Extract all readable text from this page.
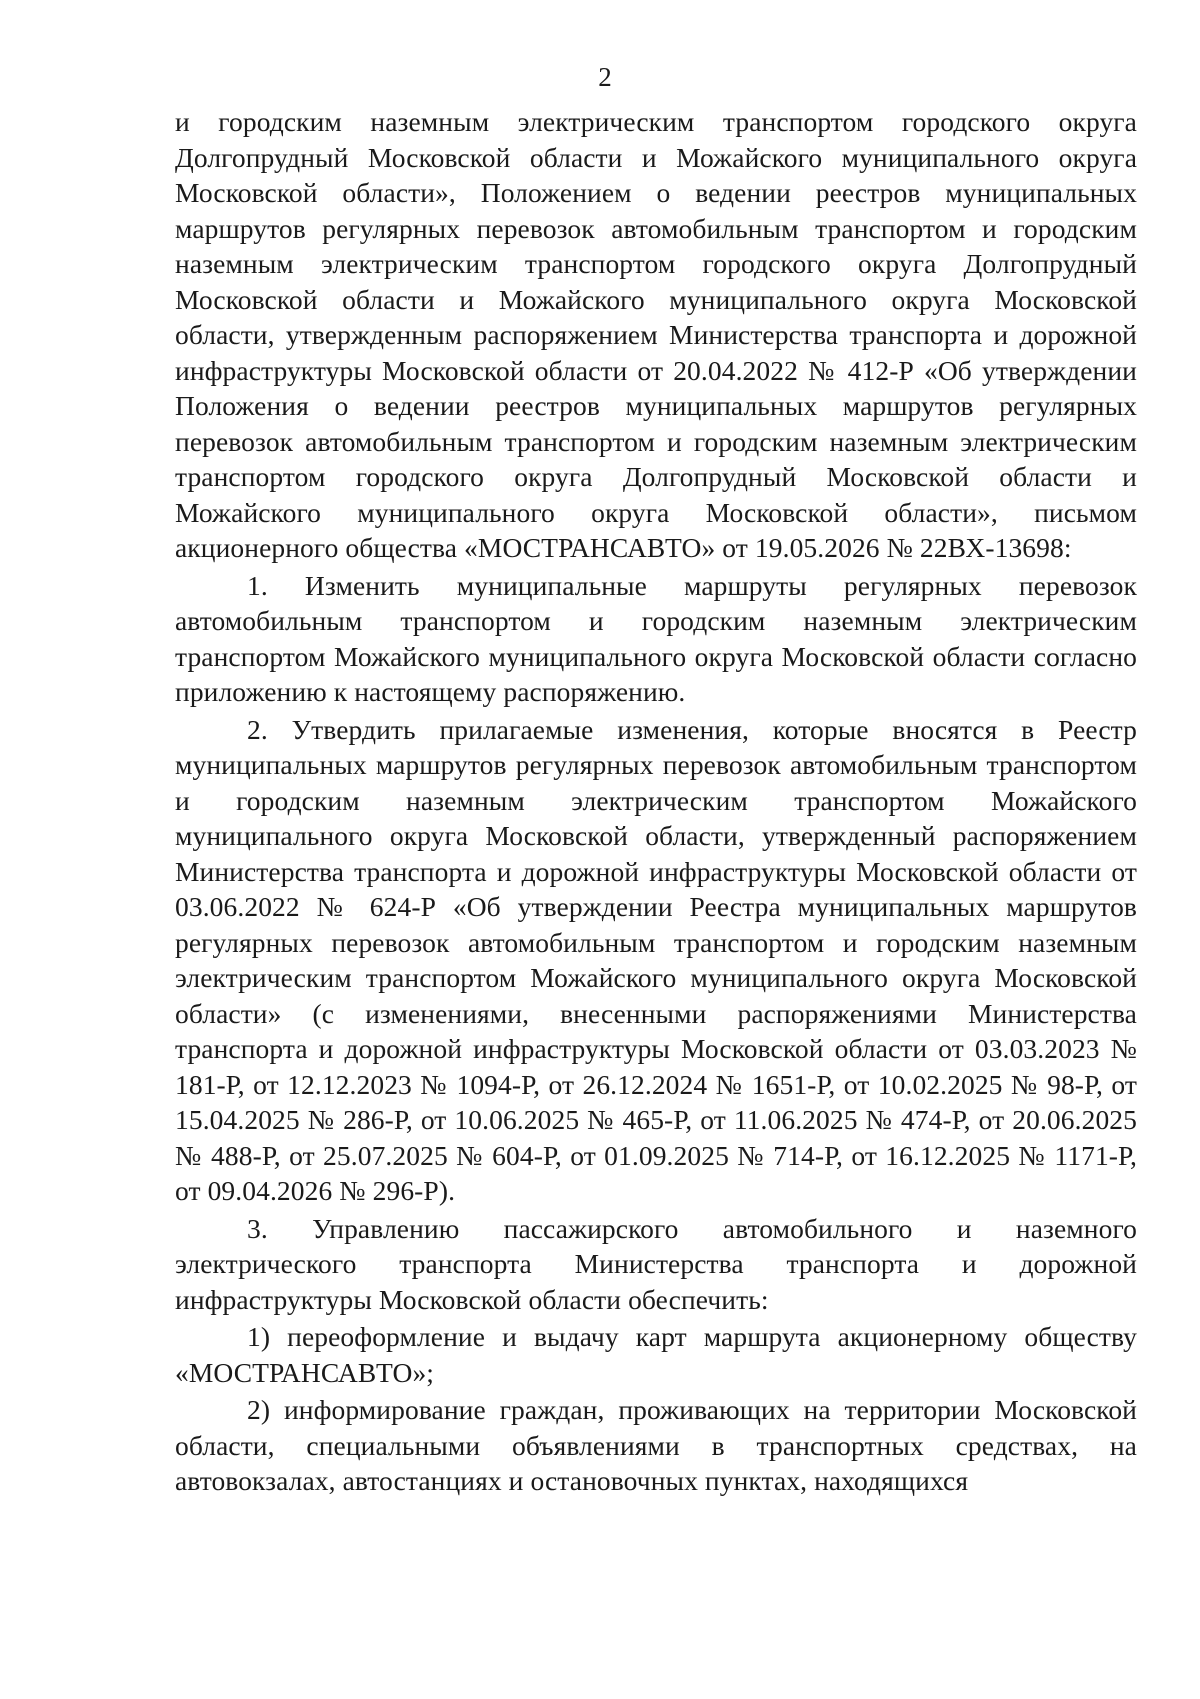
2

и городским наземным электрическим транспортом городского округа Долгопрудный Московской области и Можайского муниципального округа Московской области», Положением о ведении реестров муниципальных маршрутов регулярных перевозок автомобильным транспортом и городским наземным электрическим транспортом городского округа Долгопрудный Московской области и Можайского муниципального округа Московской области, утвержденным распоряжением Министерства транспорта и дорожной инфраструктуры Московской области от 20.04.2022 № 412-Р «Об утверждении Положения о ведении реестров муниципальных маршрутов регулярных перевозок автомобильным транспортом и городским наземным электрическим транспортом городского округа Долгопрудный Московской области и Можайского муниципального округа Московской области», письмом акционерного общества «МОСТРАНСАВТО» от 19.05.2026 № 22ВХ-13698:

1. Изменить муниципальные маршруты регулярных перевозок автомобильным транспортом и городским наземным электрическим транспортом Можайского муниципального округа Московской области согласно приложению к настоящему распоряжению.

2. Утвердить прилагаемые изменения, которые вносятся в Реестр муниципальных маршрутов регулярных перевозок автомобильным транспортом и городским наземным электрическим транспортом Можайского муниципального округа Московской области, утвержденный распоряжением Министерства транспорта и дорожной инфраструктуры Московской области от 03.06.2022 № 624-Р «Об утверждении Реестра муниципальных маршрутов регулярных перевозок автомобильным транспортом и городским наземным электрическим транспортом Можайского муниципального округа Московской области» (с изменениями, внесенными распоряжениями Министерства транспорта и дорожной инфраструктуры Московской области от 03.03.2023 № 181-Р, от 12.12.2023 № 1094-Р, от 26.12.2024 № 1651-Р, от 10.02.2025 № 98-Р, от 15.04.2025 № 286-Р, от 10.06.2025 № 465-Р, от 11.06.2025 № 474-Р, от 20.06.2025 № 488-Р, от 25.07.2025 № 604-Р, от 01.09.2025 № 714-Р, от 16.12.2025 № 1171-Р, от 09.04.2026 № 296-Р).

3. Управлению пассажирского автомобильного и наземного электрического транспорта Министерства транспорта и дорожной инфраструктуры Московской области обеспечить:

1) переоформление и выдачу карт маршрута акционерному обществу «МОСТРАНСАВТО»;

2) информирование граждан, проживающих на территории Московской области, специальными объявлениями в транспортных средствах, на автовокзалах, автостанциях и остановочных пунктах, находящихся
